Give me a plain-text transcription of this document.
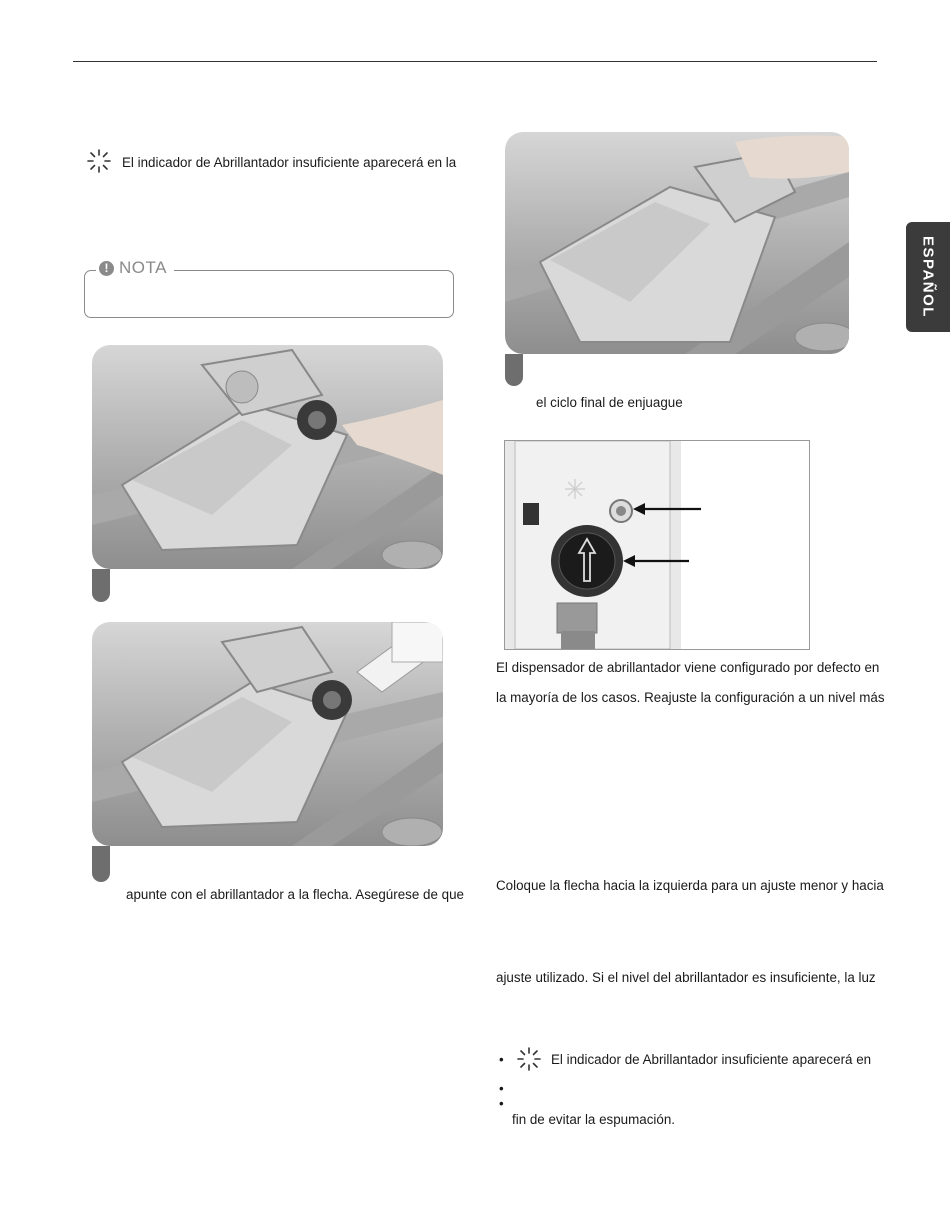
ESPAÑOL
El indicador de Abrillantador insuficiente aparecerá en la
! NOTA
apunte con el abrillantador a la flecha. Asegúrese de que
el ciclo final de enjuague
El dispensador de abrillantador viene configurado por defecto en
la mayoría de los casos. Reajuste la configuración a un nivel más
Coloque la flecha hacia la izquierda para un ajuste menor y hacia
ajuste utilizado. Si el nivel del abrillantador es insuficiente, la luz
•	El indicador de Abrillantador insuficiente aparecerá en
•
•
fin de evitar la espumación.
